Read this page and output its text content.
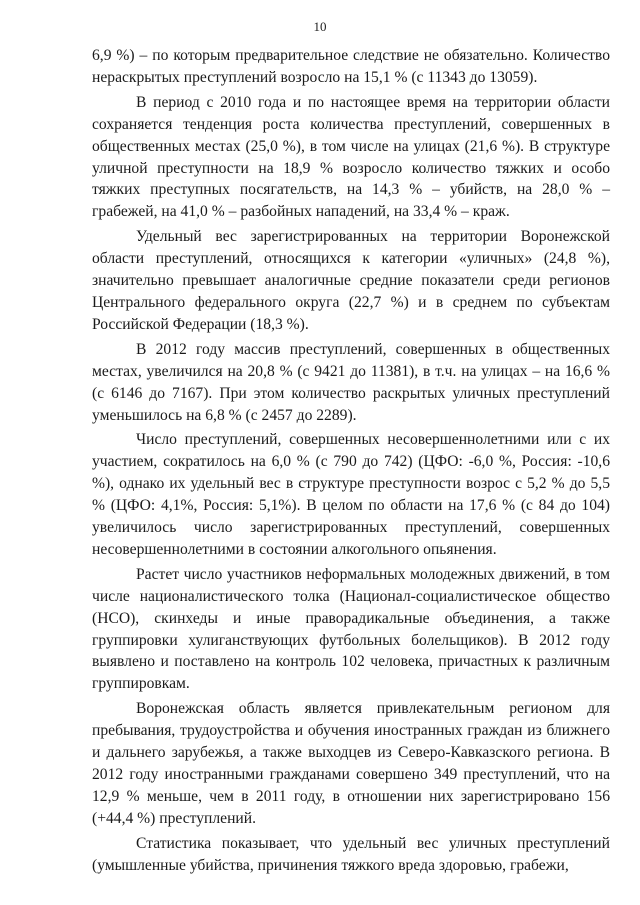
10

6,9 %) – по которым предварительное следствие не обязательно. Количество нераскрытых преступлений возросло на 15,1 % (с 11343 до 13059).

В период с 2010 года и по настоящее время на территории области сохраняется тенденция роста количества преступлений, совершенных в общественных местах (25,0 %), в том числе на улицах (21,6 %). В структуре уличной преступности на 18,9 % возросло количество тяжких и особо тяжких преступных посягательств, на 14,3 % – убийств, на 28,0 % – грабежей, на 41,0 % – разбойных нападений, на 33,4 % – краж.

Удельный вес зарегистрированных на территории Воронежской области преступлений, относящихся к категории «уличных» (24,8 %), значительно превышает аналогичные средние показатели среди регионов Центрального федерального округа (22,7 %) и в среднем по субъектам Российской Федерации (18,3 %).

В 2012 году массив преступлений, совершенных в общественных местах, увеличился на 20,8 % (с 9421 до 11381), в т.ч. на улицах – на 16,6 % (с 6146 до 7167). При этом количество раскрытых уличных преступлений уменьшилось на 6,8 % (с 2457 до 2289).

Число преступлений, совершенных несовершеннолетними или с их участием, сократилось на 6,0 % (с 790 до 742) (ЦФО: -6,0 %, Россия: -10,6 %), однако их удельный вес в структуре преступности возрос с 5,2 % до 5,5 % (ЦФО: 4,1%, Россия: 5,1%). В целом по области на 17,6 % (с 84 до 104) увеличилось число зарегистрированных преступлений, совершенных несовершеннолетними в состоянии алкогольного опьянения.

Растет число участников неформальных молодежных движений, в том числе националистического толка (Национал-социалистическое общество (НСО), скинхеды и иные праворадикальные объединения, а также группировки хулиганствующих футбольных болельщиков). В 2012 году выявлено и поставлено на контроль 102 человека, причастных к различным группировкам.

Воронежская область является привлекательным регионом для пребывания, трудоустройства и обучения иностранных граждан из ближнего и дальнего зарубежья, а также выходцев из Северо-Кавказского региона. В 2012 году иностранными гражданами совершено 349 преступлений, что на 12,9 % меньше, чем в 2011 году, в отношении них зарегистрировано 156 (+44,4 %) преступлений.

Статистика показывает, что удельный вес уличных преступлений (умышленные убийства, причинения тяжкого вреда здоровью, грабежи,
